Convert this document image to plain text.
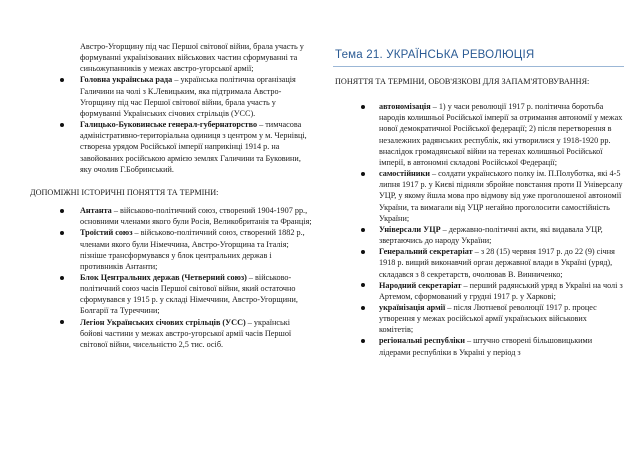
Австро-Угорщину під час Першої світової війни, брала участь у формуванні українізованих військових частин сформуванні та синьожупанників у межах австро-угорської армії;
Головна українська рада – українська політична організація Галичини на чолі з К.Левицьким, яка підтримала Австро-Угорщину під час Першої світової війни, брала участь у формуванні Українських січових стрільців (УСС).
Галицько-Буковинське генерал-губернаторство – тимчасова адміністративно-територіальна одиниця з центром у м. Чернівці, створена урядом Російської імперії наприкінці 1914 р. на завойованих російською армією землях Галичини та Буковини, яку очолив Г.Бобринський.
ДОПОМІЖНІ ІСТОРИЧНІ ПОНЯТТЯ ТА ТЕРМІНИ:
Антанта – військово-політичний союз, створений 1904-1907 рр., основними членами якого були Росія, Великобританія та Франція;
Троїстий союз – військово-політичний союз, створений 1882 р., членами якого були Німеччина, Австро-Угорщина та Італія; пізніше трансформувався у блок центральних держав і противників Антанти;
Блок Центральних держав (Четверний союз) – військово-політичний союз часів Першої світової війни, який остаточно сформувався у 1915 р. у складі Німеччини, Австро-Угорщини, Болгарії та Туреччини;
Легіон Українських січових стрільців (УСС) – українські бойові частини у межах австро-угорської армії часів Першої світової війни, чисельністю 2,5 тис. осіб.
Тема 21. УКРАЇНСЬКА РЕВОЛЮЦІЯ
ПОНЯТТЯ ТА ТЕРМІНИ, ОБОВ'ЯЗКОВІ ДЛЯ ЗАПАМ'ЯТОВУВАННЯ:
автономізація – 1) у часи революції 1917 р. політична боротьба народів колишньої Російської імперії за отримання автономії у межах нової демократичної Російської федерації; 2) після перетворення в незалежних радянських республік, які утворилися у 1918-1920 рр. внаслідок громадянської війни на теренах колишньої Російської імперії, в автономні складові Російської Федерації;
самостійники – солдати українського полку ім. П.Полуботка, які 4-5 липня 1917 р. у Києві підняли збройне повстання проти II Універсалу УЦР, у якому йшла мова про відмову від уже проголошеної автономії України, та вимагали від УЦР негайно проголосити самостійність України;
Універсали УЦР – державно-політичні акти, які видавала УЦР, звертаючись до народу України;
Генеральний секретаріат – з 28 (15) червня 1917 р. до 22 (9) січня 1918 р. вищий виконавчий орган державної влади в Україні (уряд), складався з 8 секретарств, очолював В. Винниченко;
Народний секретаріат – перший радянський уряд в Україні на чолі з Артемом, сформований у грудні 1917 р. у Харкові;
українізація армії – після Лютневої революції 1917 р. процес утворення у межах російської армії українських військових комітетів;
регіональні республіки – штучно створені більшовицькими лідерами республіки в Україні у період з
